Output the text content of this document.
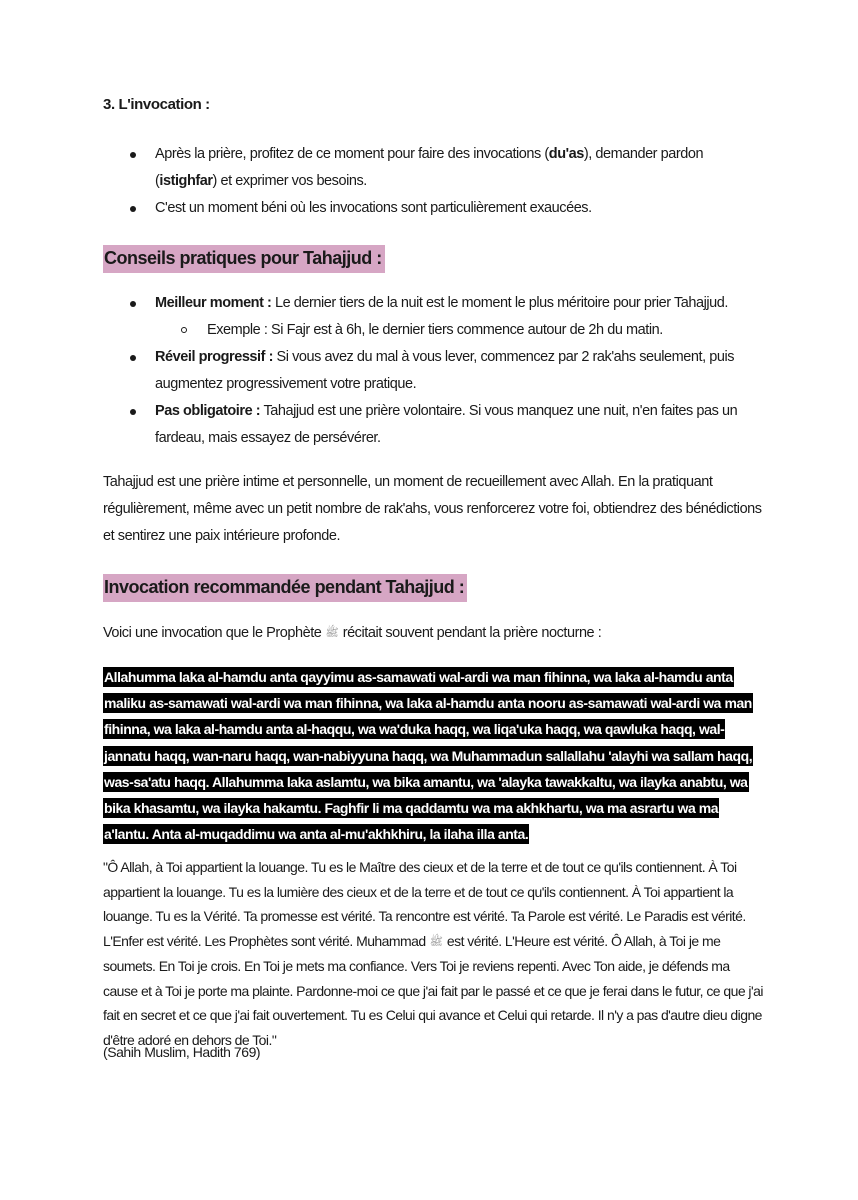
3. L'invocation :
Après la prière, profitez de ce moment pour faire des invocations (du'as), demander pardon (istighfar) et exprimer vos besoins.
C'est un moment béni où les invocations sont particulièrement exaucées.
Conseils pratiques pour Tahajjud :
Meilleur moment : Le dernier tiers de la nuit est le moment le plus méritoire pour prier Tahajjud.
Exemple : Si Fajr est à 6h, le dernier tiers commence autour de 2h du matin.
Réveil progressif : Si vous avez du mal à vous lever, commencez par 2 rak'ahs seulement, puis augmentez progressivement votre pratique.
Pas obligatoire : Tahajjud est une prière volontaire. Si vous manquez une nuit, n'en faites pas un fardeau, mais essayez de persévérer.
Tahajjud est une prière intime et personnelle, un moment de recueillement avec Allah. En la pratiquant régulièrement, même avec un petit nombre de rak'ahs, vous renforcerez votre foi, obtiendrez des bénédictions et sentirez une paix intérieure profonde.
Invocation recommandée pendant Tahajjud :
Voici une invocation que le Prophète ﷺ récitait souvent pendant la prière nocturne :
Allahumma laka al-hamdu anta qayyimu as-samawati wal-ardi wa man fihinna, wa laka al-hamdu anta maliku as-samawati wal-ardi wa man fihinna, wa laka al-hamdu anta nooru as-samawati wal-ardi wa man fihinna, wa laka al-hamdu anta al-haqqu, wa wa'duka haqq, wa liqa'uka haqq, wa qawluka haqq, wal-jannatu haqq, wan-naru haqq, wan-nabiyyuna haqq, wa Muhammadun sallallahu 'alayhi wa sallam haqq, was-sa'atu haqq. Allahumma laka aslamtu, wa bika amantu, wa 'alayka tawakkaltu, wa ilayka anabtu, wa bika khasamtu, wa ilayka hakamtu. Faghfir li ma qaddamtu wa ma akhkhartu, wa ma asrartu wa ma a'lantu. Anta al-muqaddimu wa anta al-mu'akhkhiru, la ilaha illa anta.
"Ô Allah, à Toi appartient la louange. Tu es le Maître des cieux et de la terre et de tout ce qu'ils contiennent. À Toi appartient la louange. Tu es la lumière des cieux et de la terre et de tout ce qu'ils contiennent. À Toi appartient la louange. Tu es la Vérité. Ta promesse est vérité. Ta rencontre est vérité. Ta Parole est vérité. Le Paradis est vérité. L'Enfer est vérité. Les Prophètes sont vérité. Muhammad ﷺ est vérité. L'Heure est vérité. Ô Allah, à Toi je me soumets. En Toi je crois. En Toi je mets ma confiance. Vers Toi je reviens repenti. Avec Ton aide, je défends ma cause et à Toi je porte ma plainte. Pardonne-moi ce que j'ai fait par le passé et ce que je ferai dans le futur, ce que j'ai fait en secret et ce que j'ai fait ouvertement. Tu es Celui qui avance et Celui qui retarde. Il n'y a pas d'autre dieu digne d'être adoré en dehors de Toi."
(Sahih Muslim, Hadith 769)
